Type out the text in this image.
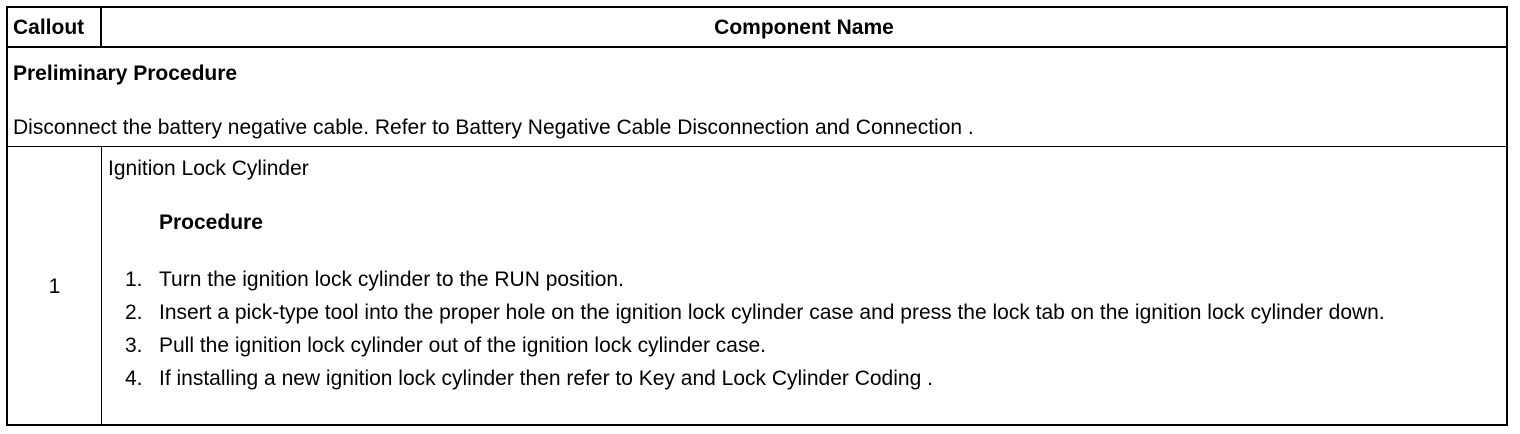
Callout	Component Name
Preliminary Procedure
Disconnect the battery negative cable. Refer to Battery Negative Cable Disconnection and Connection .
1
Ignition Lock Cylinder
Procedure
1. Turn the ignition lock cylinder to the RUN position.
2. Insert a pick-type tool into the proper hole on the ignition lock cylinder case and press the lock tab on the ignition lock cylinder down.
3. Pull the ignition lock cylinder out of the ignition lock cylinder case.
4. If installing a new ignition lock cylinder then refer to Key and Lock Cylinder Coding .
